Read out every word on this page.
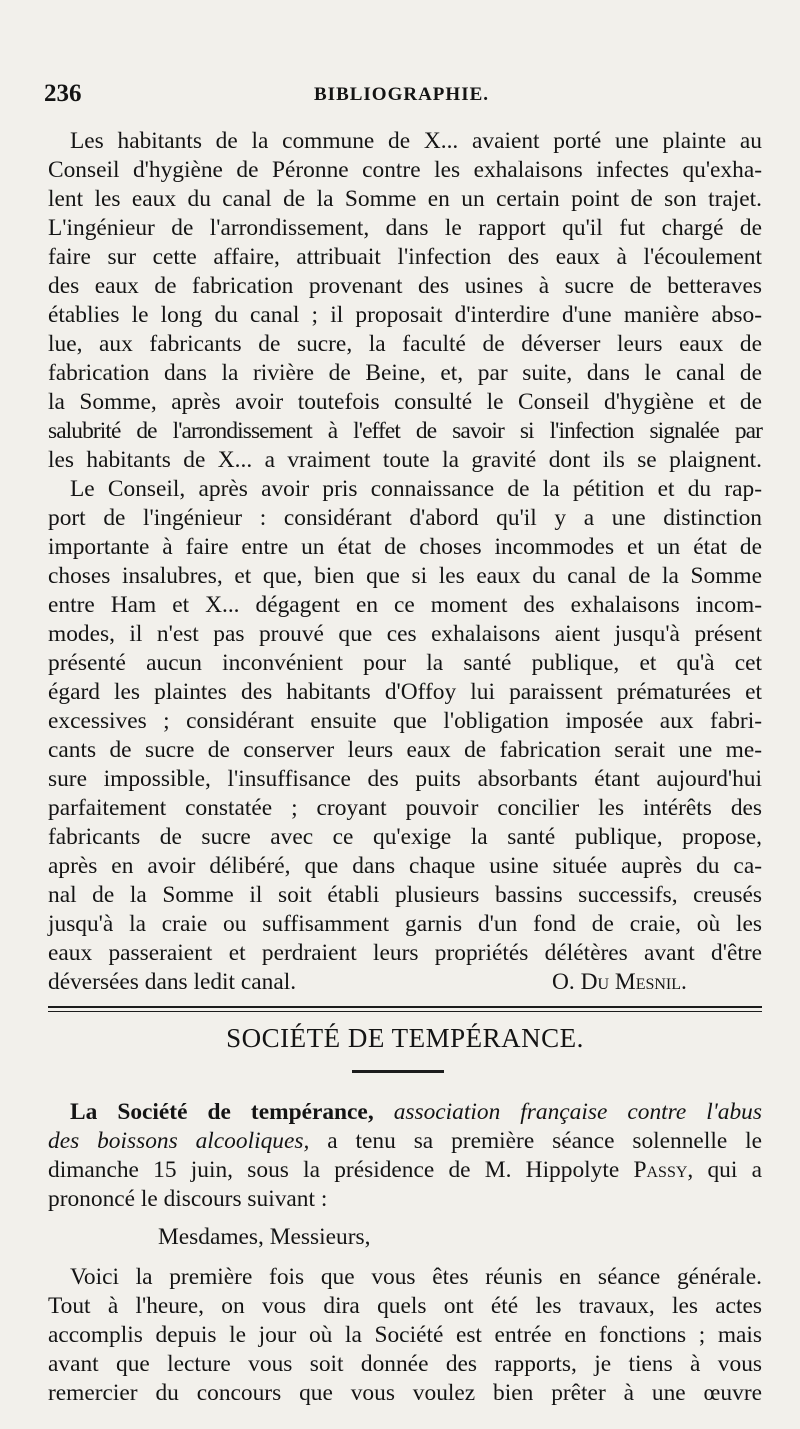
236	BIBLIOGRAPHIE.
Les habitants de la commune de X... avaient porté une plainte au
Conseil d'hygiène de Péronne contre les exhalaisons infectes qu'exha-
lent les eaux du canal de la Somme en un certain point de son trajet.
L'ingénieur de l'arrondissement, dans le rapport qu'il fut chargé de
faire sur cette affaire, attribuait l'infection des eaux à l'écoulement
des eaux de fabrication provenant des usines à sucre de betteraves
établies le long du canal ; il proposait d'interdire d'une manière abso-
lue, aux fabricants de sucre, la faculté de déverser leurs eaux de
fabrication dans la rivière de Beine, et, par suite, dans le canal de
la Somme, après avoir toutefois consulté le Conseil d'hygiène et de
salubrité de l'arrondissement à l'effet de savoir si l'infection signalée par
les habitants de X... a vraiment toute la gravité dont ils se plaignent.
Le Conseil, après avoir pris connaissance de la pétition et du rap-
port de l'ingénieur : considérant d'abord qu'il y a une distinction
importante à faire entre un état de choses incommodes et un état de
choses insalubres, et que, bien que si les eaux du canal de la Somme
entre Ham et X... dégagent en ce moment des exhalaisons incom-
modes, il n'est pas prouvé que ces exhalaisons aient jusqu'à présent
présenté aucun inconvénient pour la santé publique, et qu'à cet
égard les plaintes des habitants d'Offoy lui paraissent prématurées et
excessives ; considérant ensuite que l'obligation imposée aux fabri-
cants de sucre de conserver leurs eaux de fabrication serait une me-
sure impossible, l'insuffisance des puits absorbants étant aujourd'hui
parfaitement constatée ; croyant pouvoir concilier les intérêts des
fabricants de sucre avec ce qu'exige la santé publique, propose,
après en avoir délibéré, que dans chaque usine située auprès du ca-
nal de la Somme il soit établi plusieurs bassins successifs, creusés
jusqu'à la craie ou suffisamment garnis d'un fond de craie, où les
eaux passeraient et perdraient leurs propriétés délétères avant d'être
déversées dans ledit canal.	O. Du Mesnil.
SOCIÉTÉ DE TEMPÉRANCE.
La Société de tempérance, association française contre l'abus
des boissons alcooliques, a tenu sa première séance solennelle le
dimanche 15 juin, sous la présidence de M. Hippolyte Passy, qui a
prononcé le discours suivant :
Mesdames, Messieurs,
Voici la première fois que vous êtes réunis en séance générale.
Tout à l'heure, on vous dira quels ont été les travaux, les actes
accomplis depuis le jour où la Société est entrée en fonctions ; mais
avant que lecture vous soit donnée des rapports, je tiens à vous
remercier du concours que vous voulez bien prêter à une œuvre
